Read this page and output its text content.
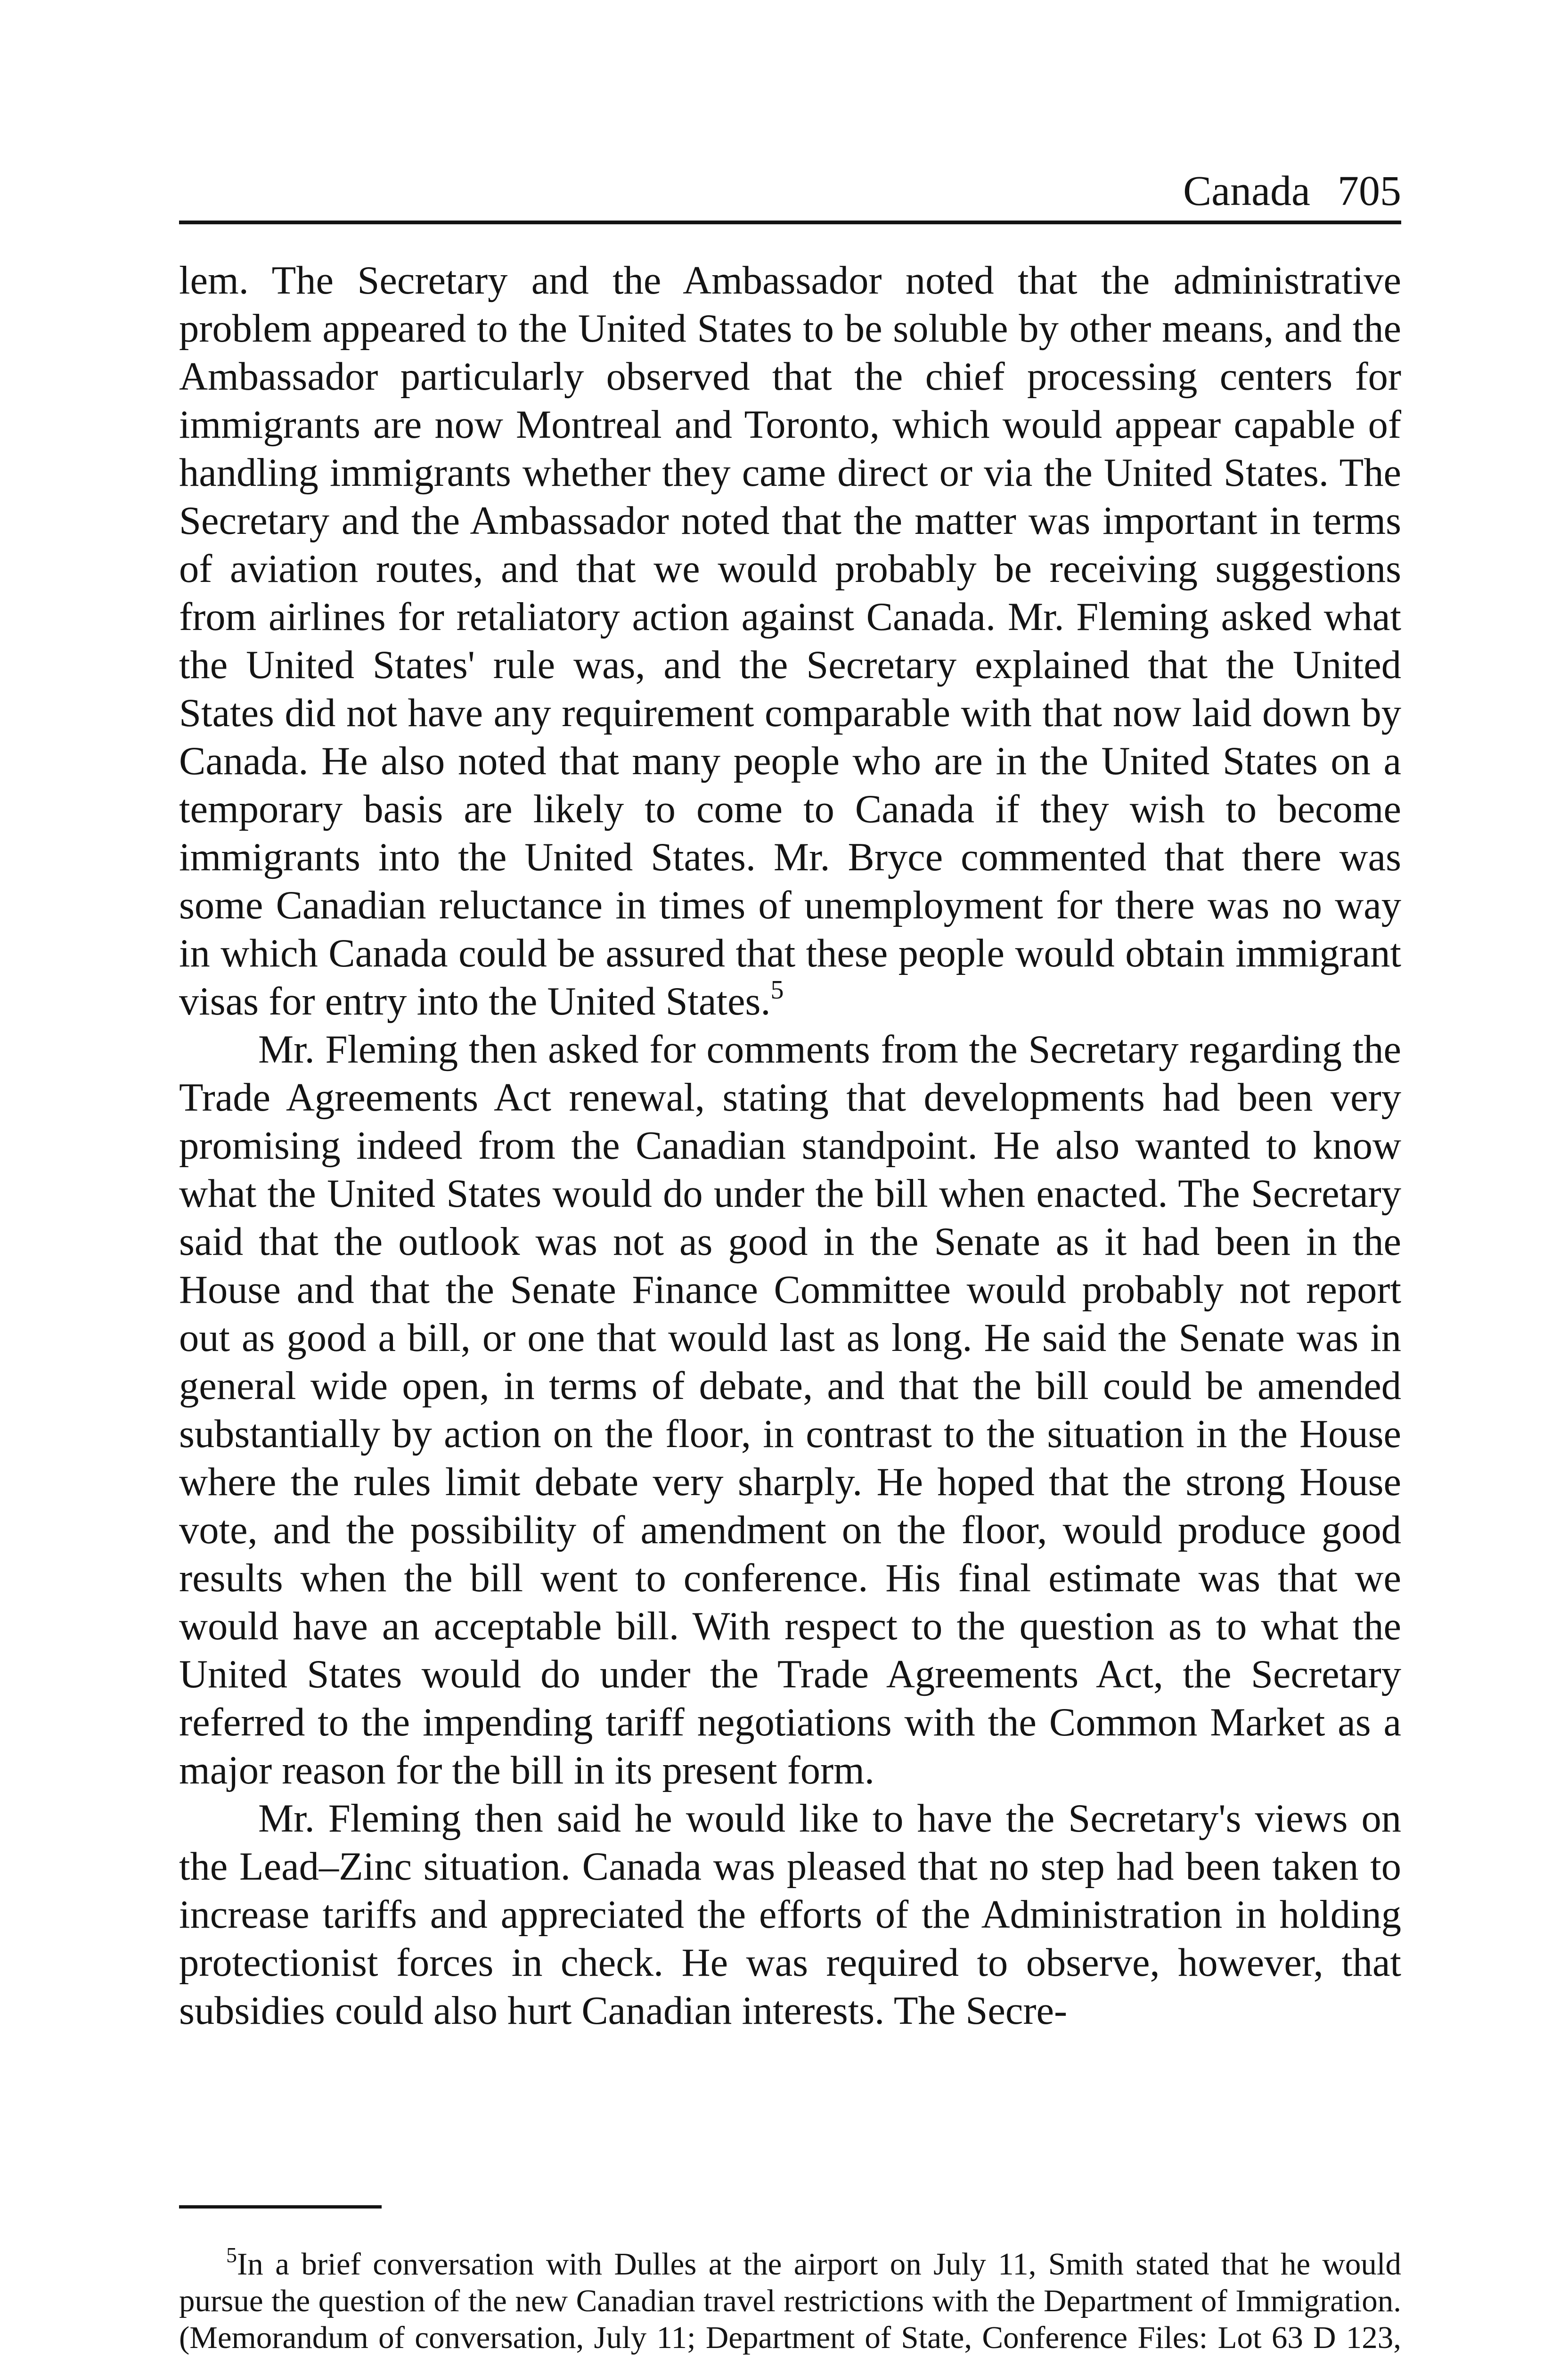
Canada 705

lem. The Secretary and the Ambassador noted that the administrative problem appeared to the United States to be soluble by other means, and the Ambassador particularly observed that the chief processing centers for immigrants are now Montreal and Toronto, which would appear capable of handling immigrants whether they came direct or via the United States. The Secretary and the Ambassador noted that the matter was important in terms of aviation routes, and that we would probably be receiving suggestions from airlines for retaliatory action against Canada. Mr. Fleming asked what the United States' rule was, and the Secretary explained that the United States did not have any requirement comparable with that now laid down by Canada. He also noted that many people who are in the United States on a temporary basis are likely to come to Canada if they wish to become immigrants into the United States. Mr. Bryce commented that there was some Canadian reluctance in times of unemployment for there was no way in which Canada could be assured that these people would obtain immigrant visas for entry into the United States.$^5$

Mr. Fleming then asked for comments from the Secretary regarding the Trade Agreements Act renewal, stating that developments had been very promising indeed from the Canadian standpoint. He also wanted to know what the United States would do under the bill when enacted. The Secretary said that the outlook was not as good in the Senate as it had been in the House and that the Senate Finance Committee would probably not report out as good a bill, or one that would last as long. He said the Senate was in general wide open, in terms of debate, and that the bill could be amended substantially by action on the floor, in contrast to the situation in the House where the rules limit debate very sharply. He hoped that the strong House vote, and the possibility of amendment on the floor, would produce good results when the bill went to conference. His final estimate was that we would have an acceptable bill. With respect to the question as to what the United States would do under the Trade Agreements Act, the Secretary referred to the impending tariff negotiations with the Common Market as a major reason for the bill in its present form.

Mr. Fleming then said he would like to have the Secretary's views on the Lead–Zinc situation. Canada was pleased that no step had been taken to increase tariffs and appreciated the efforts of the Administration in holding protectionist forces in check. He was required to observe, however, that subsidies could also hurt Canadian interests. The Secre-

$^5$In a brief conversation with Dulles at the airport on July 11, Smith stated that he would pursue the question of the new Canadian travel restrictions with the Department of Immigration. (Memorandum of conversation, July 11; Department of State, Conference Files: Lot 63 D 123,
